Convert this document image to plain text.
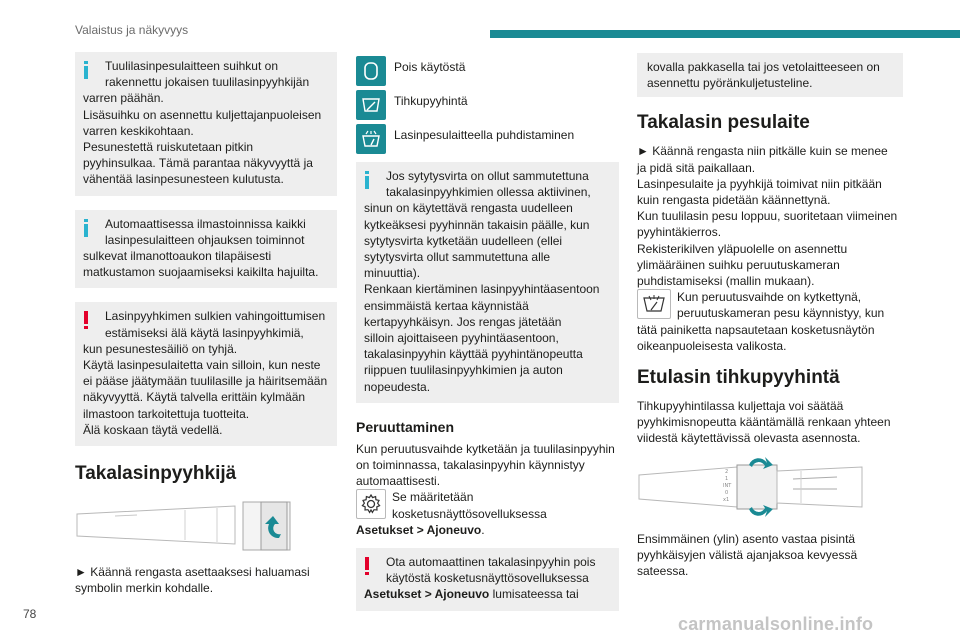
Valaistus ja näkyvyys
Tuulilasinpesulaitteen suihkut on
rakennettu jokaisen tuulilasinpyyhkijän
varren päähän.
Lisäsuihku on asennettu kuljettajanpuoleisen
varren keskikohtaan.
Pesunestettä ruiskutetaan pitkin
pyyhinsulkaa. Tämä parantaa näkyvyyttä ja
vähentää lasinpesunesteen kulutusta.
Automaattisessa ilmastoinnissa kaikki
lasinpesulaitteen ohjauksen toiminnot
sulkevat ilmanottoaukon tilapäisesti
matkustamon suojaamiseksi kaikilta hajuilta.
Lasinpyyhkimen sulkien vahingoittumisen
estämiseksi älä käytä lasinpyyhkimiä,
kun pesunestesäiliö on tyhjä.
Käytä lasinpesulaitetta vain silloin, kun neste
ei pääse jäätymään tuulilasille ja häiritsemään
näkyvyyttä. Käytä talvella erittäin kylmään
ilmastoon tarkoitettuja tuotteita.
Älä koskaan täytä vedellä.
Takalasinpyyhkijä
► Käännä rengasta asettaaksesi haluamasi
symbolin merkin kohdalle.
Pois käytöstä
Tihkupyyhintä
Lasinpesulaitteella puhdistaminen
Jos sytytysvirta on ollut sammutettuna
takalasinpyyhkimien ollessa aktiivinen,
sinun on käytettävä rengasta uudelleen
kytkeäksesi pyyhinnän takaisin päälle, kun
sytytysvirta kytketään uudelleen (ellei
sytytysvirta ollut sammutettuna alle
minuuttia).
Renkaan kiertäminen lasinpyyhintäasentoon
ensimmäistä kertaa käynnistää
kertapyyhkäisyn. Jos rengas jätetään
silloin ajoittaiseen pyyhintäasentoon,
takalasinpyyhin käyttää pyyhintänopeutta
riippuen tuulilasinpyyhkimien ja auton
nopeudesta.
Peruuttaminen
Kun peruutusvaihde kytketään ja tuulilasinpyyhin
on toiminnassa, takalasinpyyhin käynnistyy
automaattisesti.
Se määritetään
kosketusnäyttösovelluksessa
Asetukset > Ajoneuvo.
Ota automaattinen takalasinpyyhin pois
käytöstä kosketusnäyttösovelluksessa
Asetukset > Ajoneuvo lumisateessa tai
kovalla pakkasella tai jos vetolaitteeseen on
asennettu pyöränkuljetusteline.
Takalasin pesulaite
► Käännä rengasta niin pitkälle kuin se menee
ja pidä sitä paikallaan.
Lasinpesulaite ja pyyhkijä toimivat niin pitkään
kuin rengasta pidetään käännettynä.
Kun tuulilasin pesu loppuu, suoritetaan viimeinen
pyyhintäkierros.
Rekisterikilven yläpuolelle on asennettu
ylimääräinen suihku peruutuskameran
puhdistamiseksi (mallin mukaan).
Kun peruutusvaihde on kytkettynä,
peruutuskameran pesu käynnistyy, kun
tätä painiketta napsautetaan kosketusnäytön
oikeanpuoleisesta valikosta.
Etulasin tihkupyyhintä
Tihkupyyhintilassa kuljettaja voi säätää
pyyhkimisnopeutta kääntämällä renkaan yhteen
viidestä käytettävissä olevasta asennosta.
2
1
INT
0
x1
Ensimmäinen (ylin) asento vastaa pisintä
pyyhkäisyjen välistä ajanjaksoa kevyessä
sateessa.
78	carmanualsonline.info
